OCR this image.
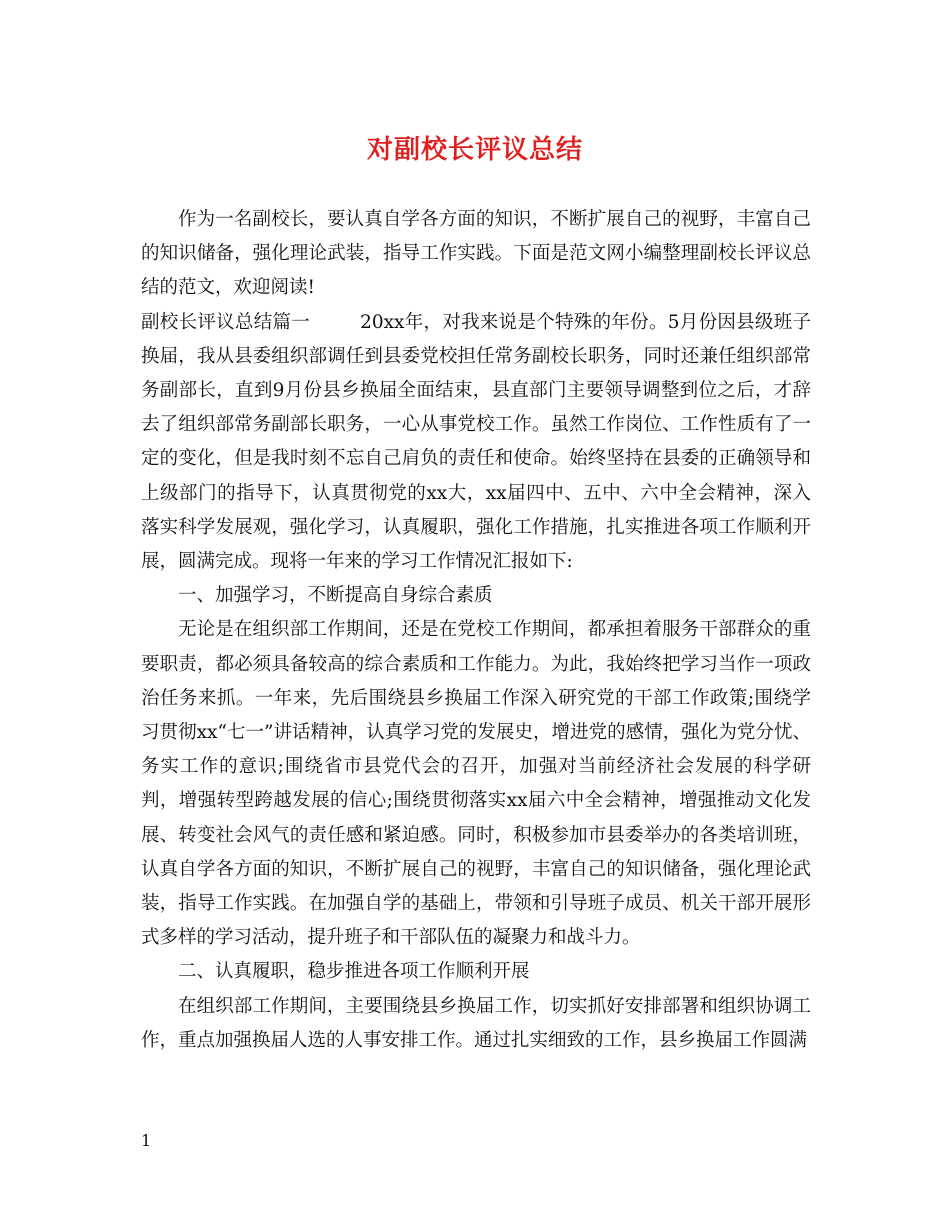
对副校长评议总结

作为一名副校长，要认真自学各方面的知识，不断扩展自己的视野，丰富自己的知识储备，强化理论武装，指导工作实践。下面是范文网小编整理副校长评议总结的范文，欢迎阅读!

副校长评议总结篇一	20xx年，对我来说是个特殊的年份。5月份因县级班子换届，我从县委组织部调任到县委党校担任常务副校长职务，同时还兼任组织部常务副部长，直到9月份县乡换届全面结束，县直部门主要领导调整到位之后，才辞去了组织部常务副部长职务，一心从事党校工作。虽然工作岗位、工作性质有了一定的变化，但是我时刻不忘自己肩负的责任和使命。始终坚持在县委的正确领导和上级部门的指导下，认真贯彻党的xx大，xx届四中、五中、六中全会精神，深入落实科学发展观，强化学习，认真履职，强化工作措施，扎实推进各项工作顺利开展，圆满完成。现将一年来的学习工作情况汇报如下:

一、加强学习，不断提高自身综合素质

无论是在组织部工作期间，还是在党校工作期间，都承担着服务干部群众的重要职责，都必须具备较高的综合素质和工作能力。为此，我始终把学习当作一项政治任务来抓。一年来，先后围绕县乡换届工作深入研究党的干部工作政策;围绕学习贯彻xx“七一”讲话精神，认真学习党的发展史，增进党的感情，强化为党分忧、务实工作的意识;围绕省市县党代会的召开，加强对当前经济社会发展的科学研判，增强转型跨越发展的信心;围绕贯彻落实xx届六中全会精神，增强推动文化发展、转变社会风气的责任感和紧迫感。同时，积极参加市县委举办的各类培训班，认真自学各方面的知识，不断扩展自己的视野，丰富自己的知识储备，强化理论武装，指导工作实践。在加强自学的基础上，带领和引导班子成员、机关干部开展形式多样的学习活动，提升班子和干部队伍的凝聚力和战斗力。

二、认真履职，稳步推进各项工作顺利开展

在组织部工作期间，主要围绕县乡换届工作，切实抓好安排部署和组织协调工作，重点加强换届人选的人事安排工作。通过扎实细致的工作，县乡换届工作圆满

1
